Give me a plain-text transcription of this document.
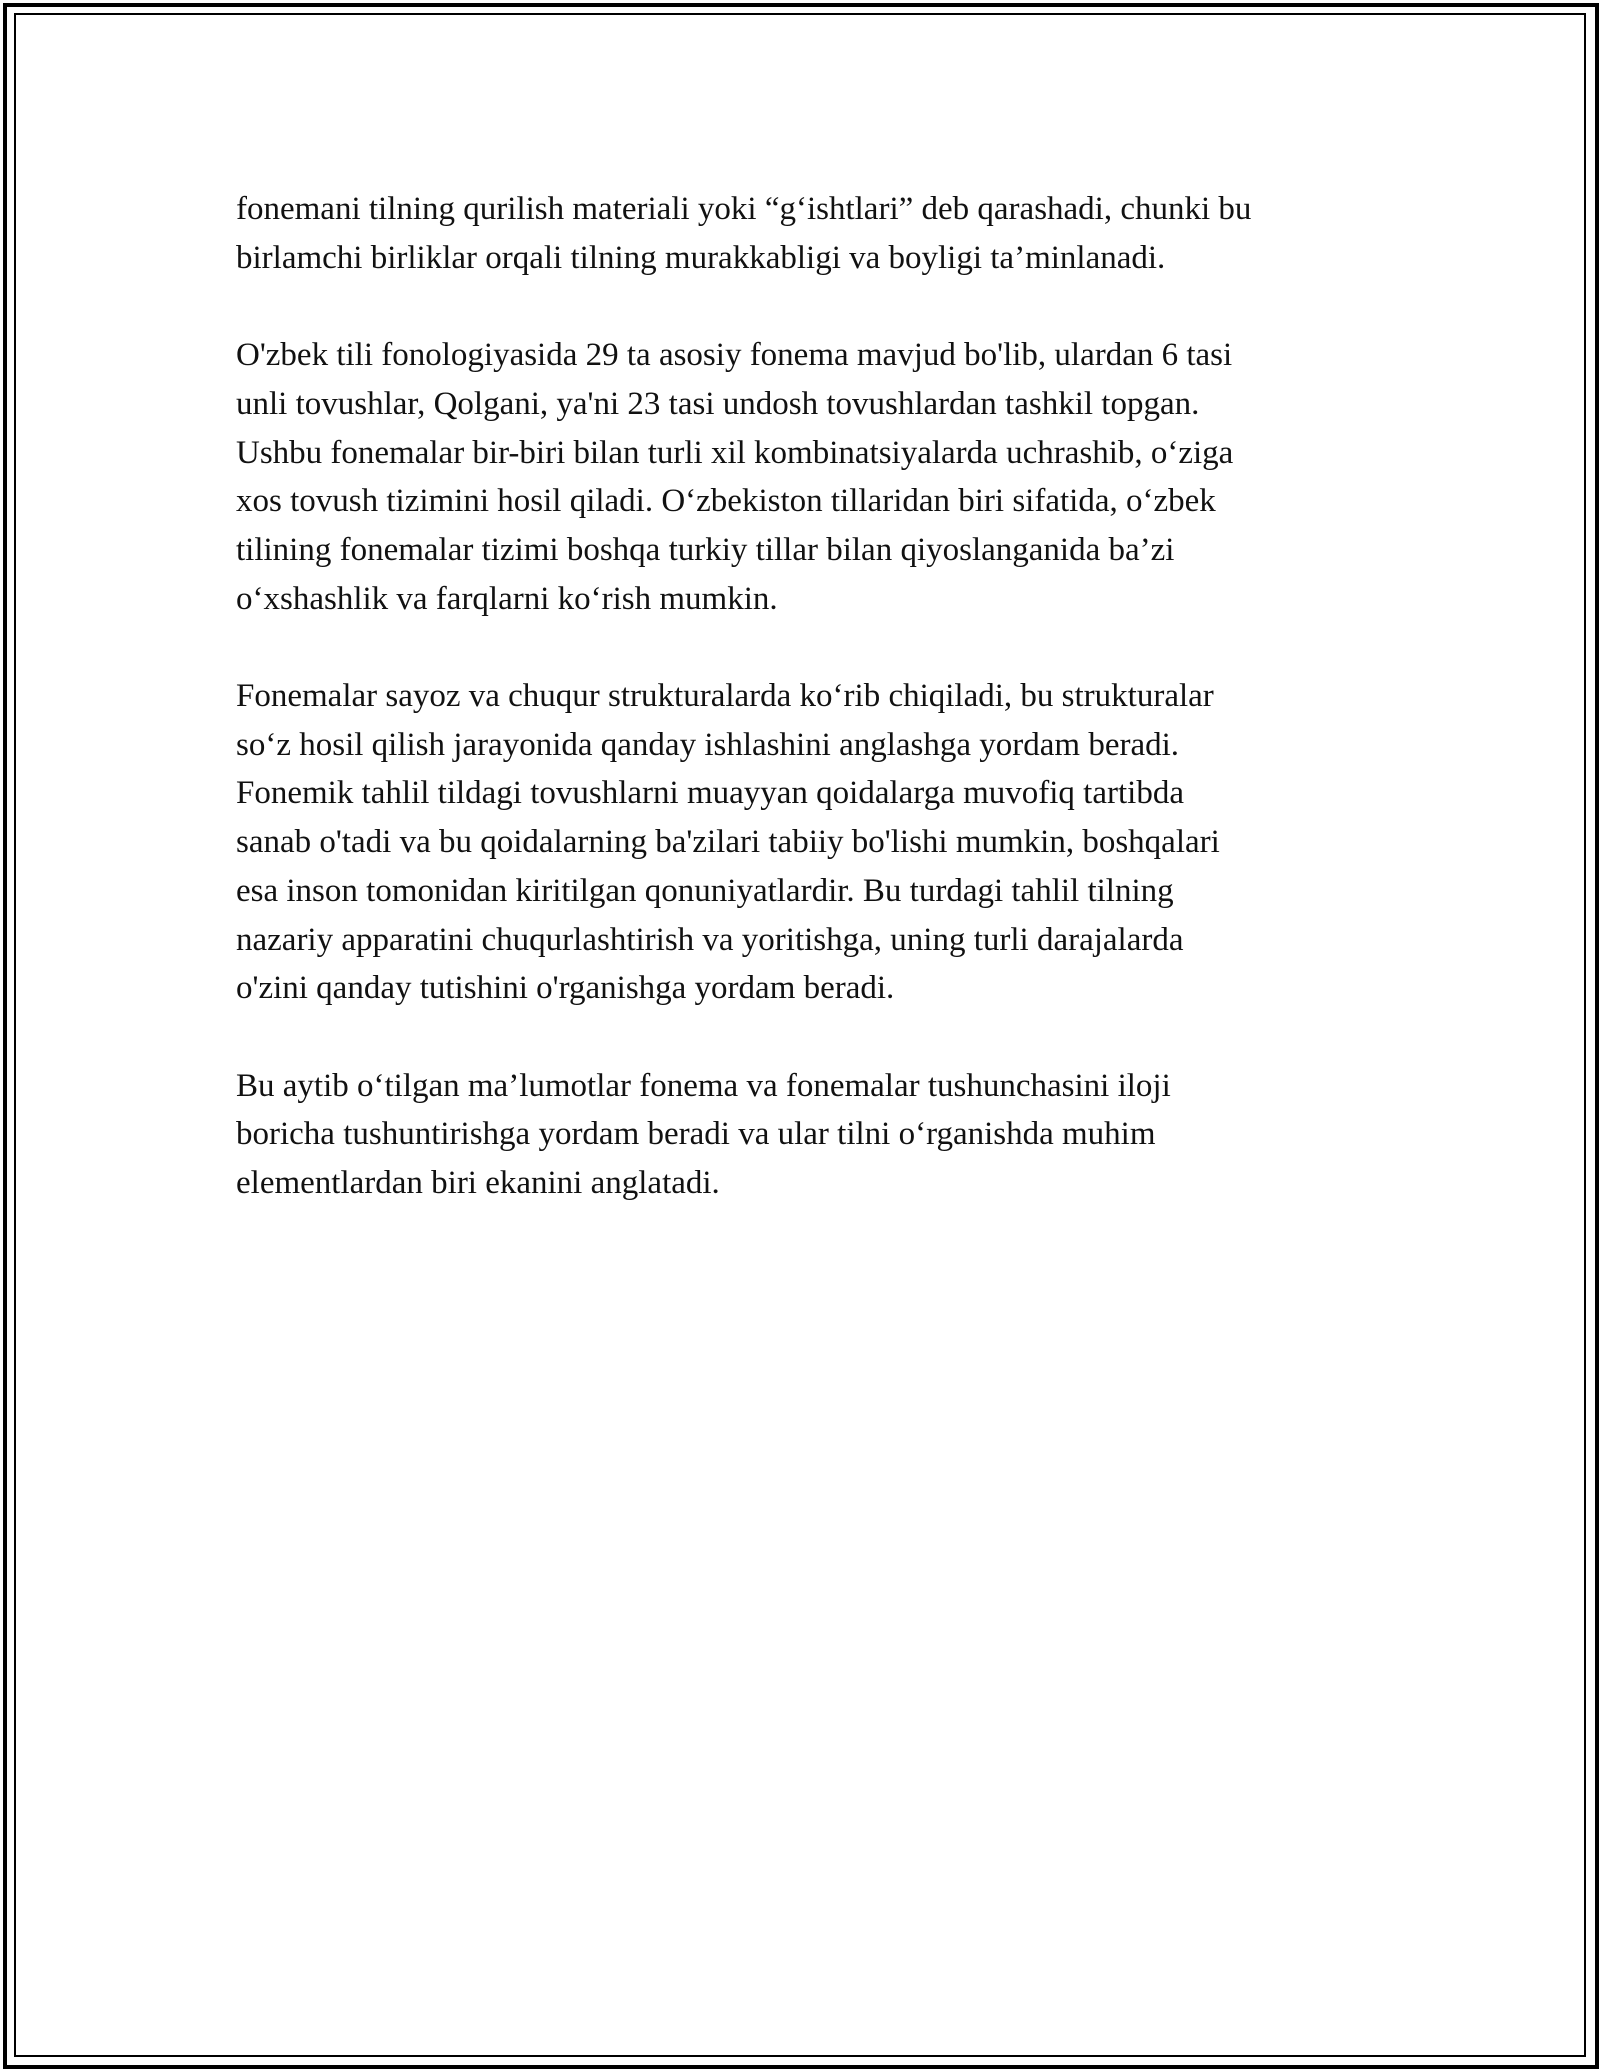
fonemani tilning qurilish materiali yoki “g‘ishtlari” deb qarashadi, chunki bu
birlamchi birliklar orqali tilning murakkabligi va boyligi ta’minlanadi.

O'zbek tili fonologiyasida 29 ta asosiy fonema mavjud bo'lib, ulardan 6 tasi
unli tovushlar, Qolgani, ya'ni 23 tasi undosh tovushlardan tashkil topgan.
Ushbu fonemalar bir-biri bilan turli xil kombinatsiyalarda uchrashib, o‘ziga
xos tovush tizimini hosil qiladi. O‘zbekiston tillaridan biri sifatida, o‘zbek
tilining fonemalar tizimi boshqa turkiy tillar bilan qiyoslanganida ba’zi
o‘xshashlik va farqlarni ko‘rish mumkin.

Fonemalar sayoz va chuqur strukturalarda ko‘rib chiqiladi, bu strukturalar
so‘z hosil qilish jarayonida qanday ishlashini anglashga yordam beradi.
Fonemik tahlil tildagi tovushlarni muayyan qoidalarga muvofiq tartibda
sanab o'tadi va bu qoidalarning ba'zilari tabiiy bo'lishi mumkin, boshqalari
esa inson tomonidan kiritilgan qonuniyatlardir. Bu turdagi tahlil tilning
nazariy apparatini chuqurlashtirish va yoritishga, uning turli darajalarda
o'zini qanday tutishini o'rganishga yordam beradi.

Bu aytib o‘tilgan ma’lumotlar fonema va fonemalar tushunchasini iloji
boricha tushuntirishga yordam beradi va ular tilni o‘rganishda muhim
elementlardan biri ekanini anglatadi.
